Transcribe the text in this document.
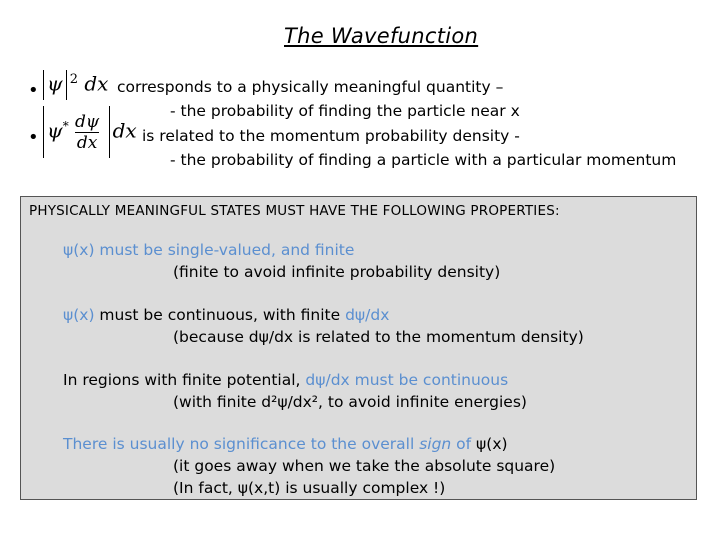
The Wavefunction
• ψ $^2$ dx corresponds to a physically meaningful quantity –
- the probability of finding the particle near x
• $\psi^* \frac{d\psi}{dx}$ dx is related to the momentum probability density -
- the probability of finding a particle with a particular momentum
PHYSICALLY MEANINGFUL STATES MUST HAVE THE FOLLOWING PROPERTIES:
ψ(x) must be single-valued, and finite
(finite to avoid infinite probability density)
ψ(x) must be continuous, with finite dψ/dx
(because dψ/dx is related to the momentum density)
In regions with finite potential, dψ/dx must be continuous
(with finite d²ψ/dx², to avoid infinite energies)
There is usually no significance to the overall sign of ψ(x)
(it goes away when we take the absolute square)
(In fact, ψ(x,t) is usually complex !)
